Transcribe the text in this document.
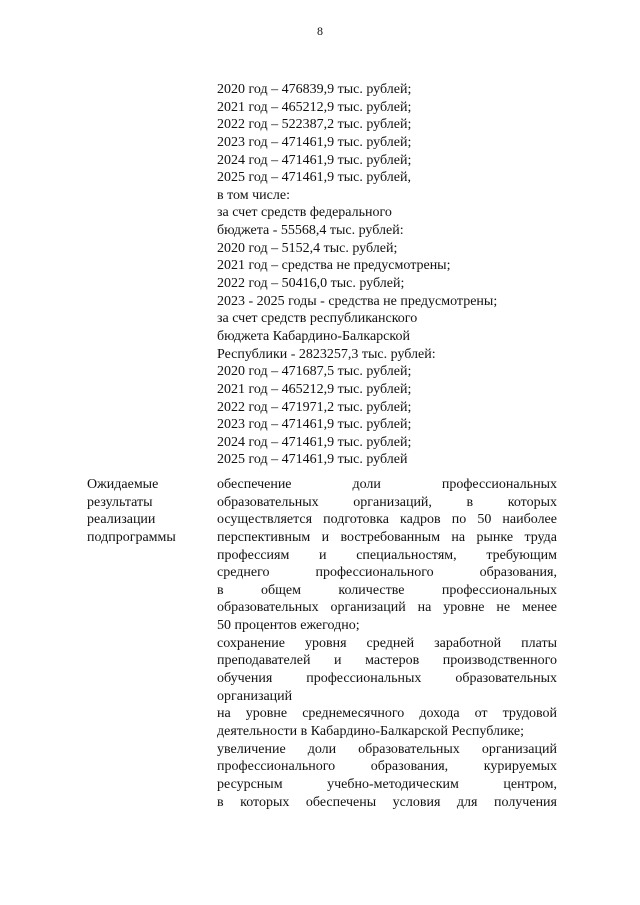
8
2020 год – 476839,9 тыс. рублей;
2021 год – 465212,9 тыс. рублей;
2022 год – 522387,2 тыс. рублей;
2023 год – 471461,9 тыс. рублей;
2024 год – 471461,9 тыс. рублей;
2025 год – 471461,9 тыс. рублей,
в том числе:
за счет средств федерального
бюджета - 55568,4 тыс. рублей:
2020 год – 5152,4 тыс. рублей;
2021 год – средства не предусмотрены;
2022 год – 50416,0 тыс. рублей;
2023 - 2025 годы - средства не предусмотрены;
за счет средств республиканского
бюджета Кабардино-Балкарской
Республики - 2823257,3 тыс. рублей:
2020 год – 471687,5 тыс. рублей;
2021 год – 465212,9 тыс. рублей;
2022 год – 471971,2 тыс. рублей;
2023 год – 471461,9 тыс. рублей;
2024 год – 471461,9 тыс. рублей;
2025 год – 471461,9 тыс. рублей
Ожидаемые
результаты
реализации
подпрограммы
обеспечение доли профессиональных
образовательных организаций, в которых
осуществляется подготовка кадров по 50 наиболее
перспективным и востребованным на рынке труда
профессиям и специальностям, требующим
среднего профессионального образования,
в общем количестве профессиональных
образовательных организаций на уровне не менее
50 процентов ежегодно;
сохранение уровня средней заработной платы
преподавателей и мастеров производственного
обучения профессиональных образовательных
организаций
на уровне среднемесячного дохода от трудовой
деятельности в Кабардино-Балкарской Республике;
увеличение доли образовательных организаций
профессионального образования, курируемых
ресурсным учебно-методическим центром,
в которых обеспечены условия для получения
